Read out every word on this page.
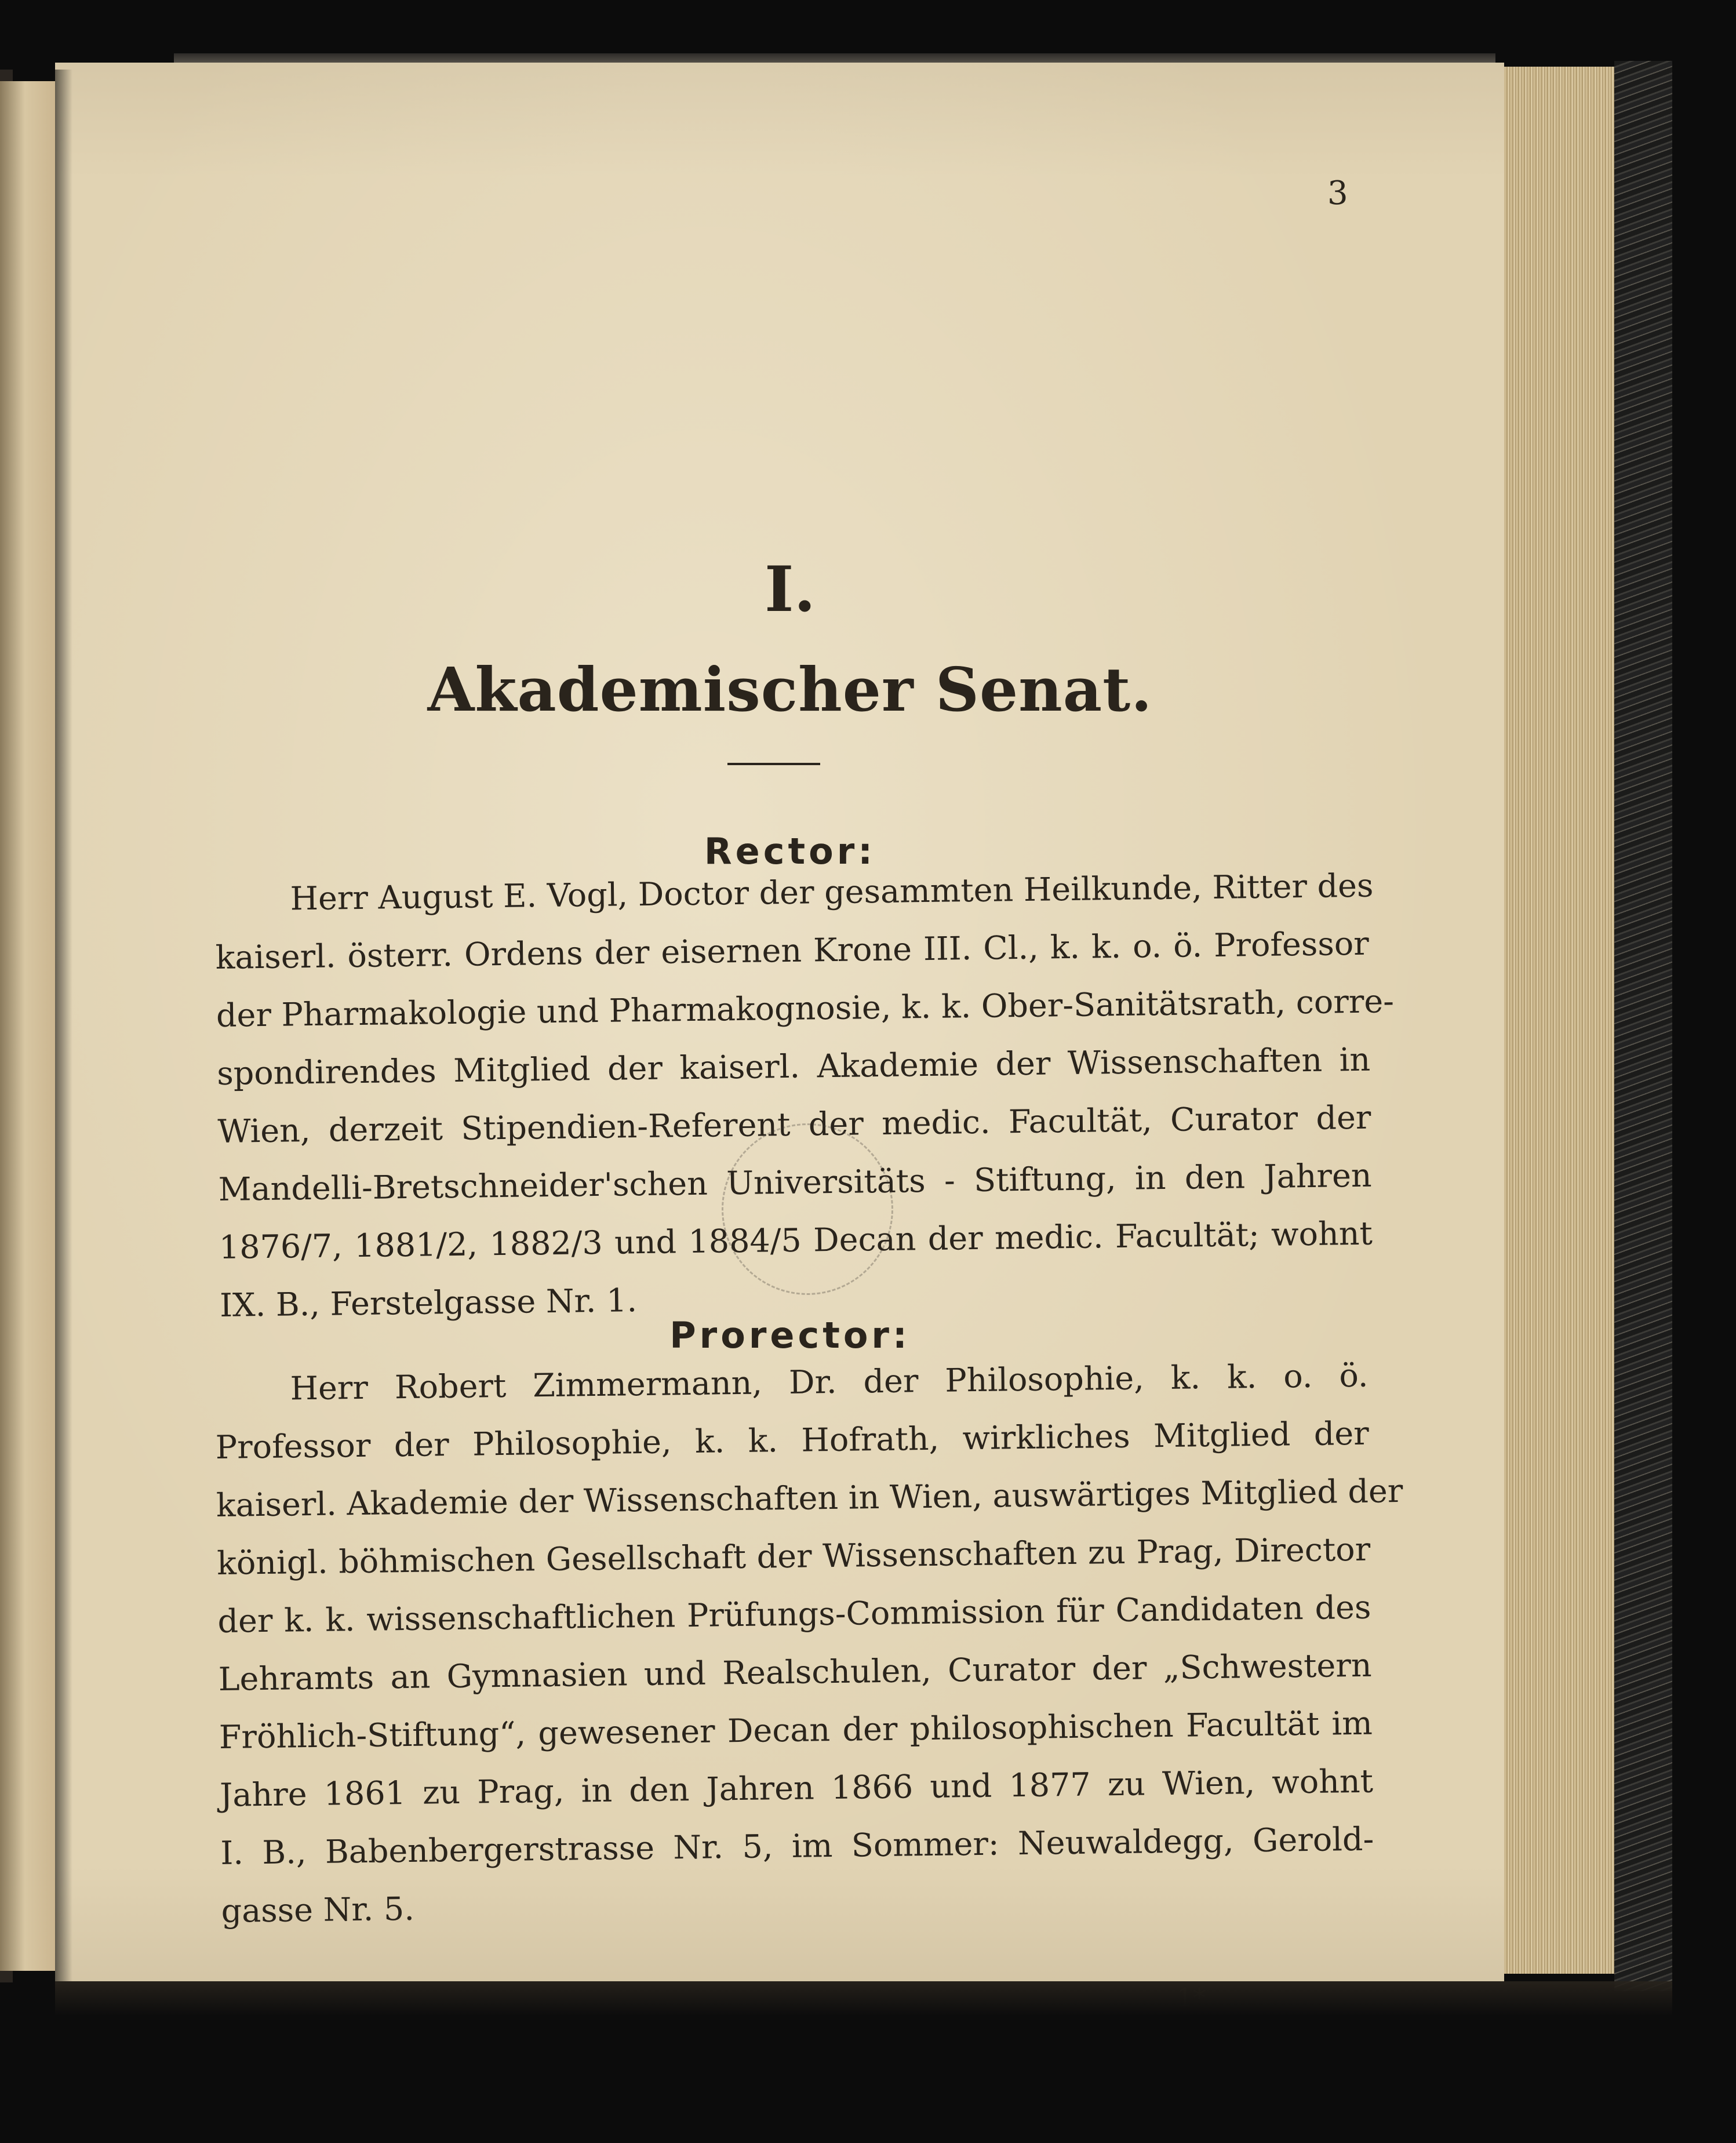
3
I.
Akademischer Senat.
Rector:
Herr August E. Vogl, Doctor der gesammten Heilkunde, Ritter des
kaiserl. österr. Ordens der eisernen Krone III. Cl., k. k. o. ö. Professor
der Pharmakologie und Pharmakognosie, k. k. Ober-Sanitätsrath, corre-
spondirendes Mitglied der kaiserl. Akademie der Wissenschaften in
Wien, derzeit Stipendien-Referent der medic. Facultät, Curator der
Mandelli-Bretschneider'schen Universitäts - Stiftung, in den Jahren
1876/7, 1881/2, 1882/3 und 1884/5 Decan der medic. Facultät; wohnt
IX. B., Ferstelgasse Nr. 1.
Prorector:
Herr Robert Zimmermann, Dr. der Philosophie, k. k. o. ö.
Professor der Philosophie, k. k. Hofrath, wirkliches Mitglied der
kaiserl. Akademie der Wissenschaften in Wien, auswärtiges Mitglied der
königl. böhmischen Gesellschaft der Wissenschaften zu Prag, Director
der k. k. wissenschaftlichen Prüfungs-Commission für Candidaten des
Lehramts an Gymnasien und Realschulen, Curator der „Schwestern
Fröhlich-Stiftung“, gewesener Decan der philosophischen Facultät im
Jahre 1861 zu Prag, in den Jahren 1866 und 1877 zu Wien, wohnt
I. B., Babenbergerstrasse Nr. 5, im Sommer: Neuwaldegg, Gerold-
gasse Nr. 5.
